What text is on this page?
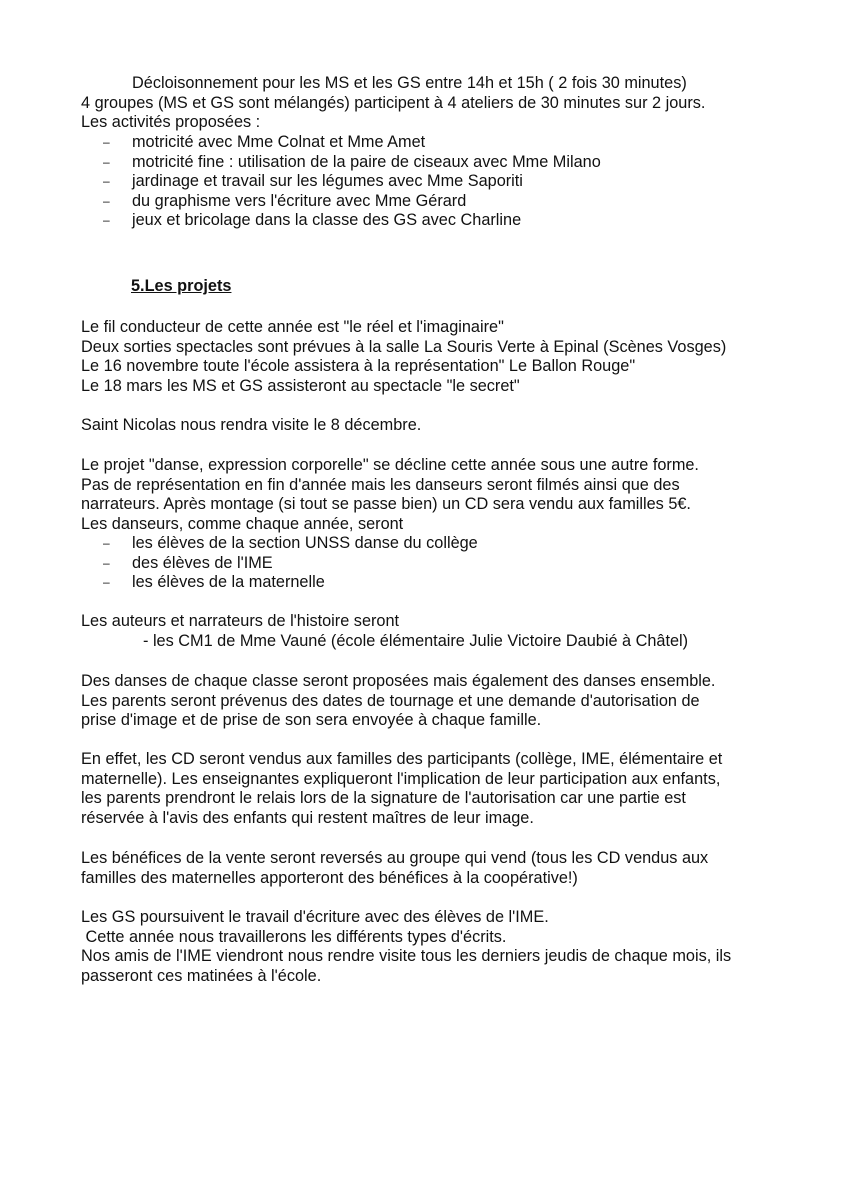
Décloisonnement pour les MS et les GS entre 14h et 15h ( 2 fois 30 minutes)
4 groupes (MS et GS sont mélangés) participent à 4 ateliers de 30 minutes sur 2 jours.
Les activités proposées :
– motricité avec Mme Colnat et Mme Amet
– motricité fine : utilisation de la paire de ciseaux avec Mme Milano
– jardinage et travail sur les légumes avec Mme Saporiti
– du graphisme vers l'écriture avec Mme Gérard
– jeux et bricolage dans la classe des GS avec Charline
5.Les projets
Le fil conducteur de cette année est "le réel et l'imaginaire"
Deux sorties spectacles sont prévues à la salle La Souris Verte à Epinal (Scènes Vosges)
Le 16 novembre toute l'école assistera à la représentation" Le Ballon Rouge"
Le 18 mars les MS et GS assisteront au spectacle "le secret"
Saint Nicolas nous rendra visite le 8 décembre.
Le projet "danse, expression corporelle" se décline cette année sous une autre forme.
Pas de représentation en fin d'année mais les danseurs seront filmés ainsi que des
narrateurs. Après montage (si tout se passe bien) un CD sera vendu aux familles 5€.
Les danseurs, comme chaque année, seront
– les élèves de la section UNSS danse du collège
– des élèves de l'IME
– les élèves de la maternelle
Les auteurs et narrateurs de l'histoire seront
- les CM1 de Mme Vauné (école élémentaire Julie Victoire Daubié à Châtel)
Des danses de chaque classe seront proposées mais également des danses ensemble.
Les parents seront prévenus des dates de tournage et une demande d'autorisation de
prise d'image et de prise de son sera envoyée à chaque famille.
En effet, les CD seront vendus aux familles des participants (collège, IME, élémentaire et
maternelle). Les enseignantes expliqueront l'implication de leur participation aux enfants,
les parents prendront le relais lors de la signature de l'autorisation car une partie est
réservée à l'avis des enfants qui restent maîtres de leur image.
Les bénéfices de la vente seront reversés au groupe qui vend (tous les CD vendus aux
familles des maternelles apporteront des bénéfices à la coopérative!)
Les GS poursuivent le travail d'écriture avec des élèves de l'IME.
Cette année nous travaillerons les différents types d'écrits.
Nos amis de l'IME viendront nous rendre visite tous les derniers jeudis de chaque mois, ils
passeront ces matinées à l'école.
